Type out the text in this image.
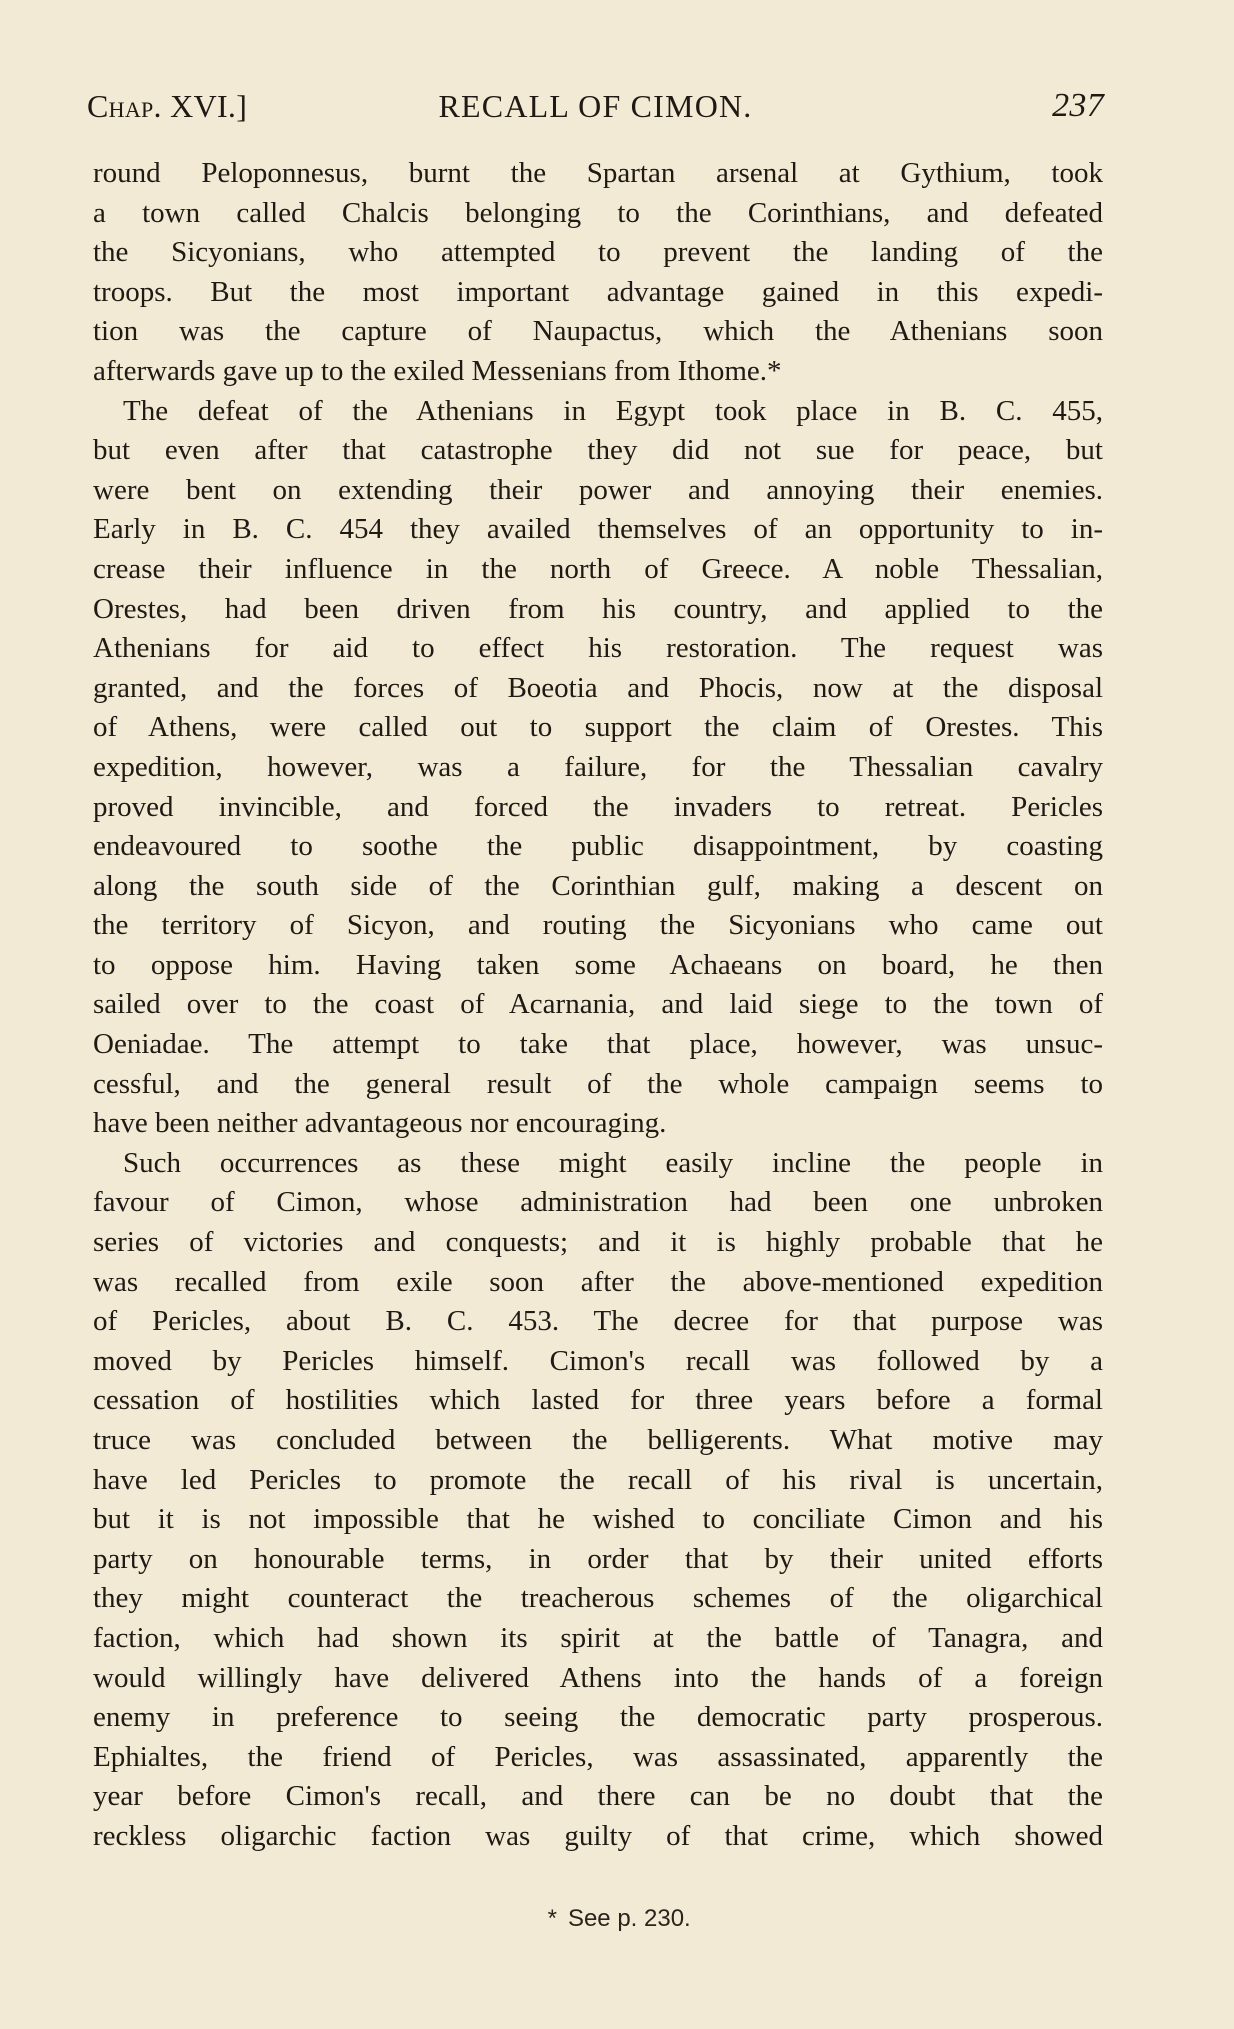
Chap. XVI.]	RECALL OF CIMON.	237

round Peloponnesus, burnt the Spartan arsenal at Gythium, took
a town called Chalcis belonging to the Corinthians, and defeated
the Sicyonians, who attempted to prevent the landing of the
troops. But the most important advantage gained in this expedi-
tion was the capture of Naupactus, which the Athenians soon
afterwards gave up to the exiled Messenians from Ithome.*

The defeat of the Athenians in Egypt took place in B. C. 455,
but even after that catastrophe they did not sue for peace, but
were bent on extending their power and annoying their enemies.
Early in B. C. 454 they availed themselves of an opportunity to in-
crease their influence in the north of Greece. A noble Thessalian,
Orestes, had been driven from his country, and applied to the
Athenians for aid to effect his restoration. The request was
granted, and the forces of Boeotia and Phocis, now at the disposal
of Athens, were called out to support the claim of Orestes. This
expedition, however, was a failure, for the Thessalian cavalry
proved invincible, and forced the invaders to retreat. Pericles
endeavoured to soothe the public disappointment, by coasting
along the south side of the Corinthian gulf, making a descent on
the territory of Sicyon, and routing the Sicyonians who came out
to oppose him. Having taken some Achaeans on board, he then
sailed over to the coast of Acarnania, and laid siege to the town of
Oeniadae. The attempt to take that place, however, was unsuc-
cessful, and the general result of the whole campaign seems to
have been neither advantageous nor encouraging.

Such occurrences as these might easily incline the people in
favour of Cimon, whose administration had been one unbroken
series of victories and conquests; and it is highly probable that he
was recalled from exile soon after the above-mentioned expedition
of Pericles, about B. C. 453. The decree for that purpose was
moved by Pericles himself. Cimon's recall was followed by a
cessation of hostilities which lasted for three years before a formal
truce was concluded between the belligerents. What motive may
have led Pericles to promote the recall of his rival is uncertain,
but it is not impossible that he wished to conciliate Cimon and his
party on honourable terms, in order that by their united efforts
they might counteract the treacherous schemes of the oligarchical
faction, which had shown its spirit at the battle of Tanagra, and
would willingly have delivered Athens into the hands of a foreign
enemy in preference to seeing the democratic party prosperous.
Ephialtes, the friend of Pericles, was assassinated, apparently the
year before Cimon's recall, and there can be no doubt that the
reckless oligarchic faction was guilty of that crime, which showed

* See p. 230.
